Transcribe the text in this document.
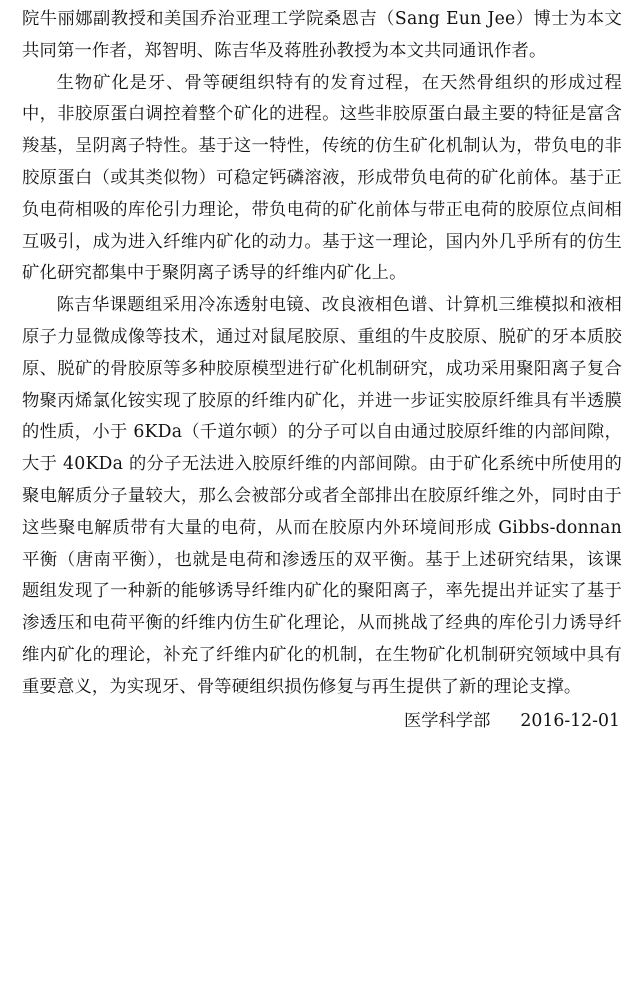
院牛丽娜副教授和美国乔治亚理工学院桑恩吉（Sang Eun Jee）博士为本文共同第一作者，郑智明、陈吉华及蒋胜孙教授为本文共同通讯作者。

生物矿化是牙、骨等硬组织特有的发育过程，在天然骨组织的形成过程中，非胶原蛋白调控着整个矿化的进程。这些非胶原蛋白最主要的特征是富含羧基，呈阴离子特性。基于这一特性，传统的仿生矿化机制认为，带负电的非胶原蛋白（或其类似物）可稳定钙磷溶液，形成带负电荷的矿化前体。基于正负电荷相吸的库伦引力理论，带负电荷的矿化前体与带正电荷的胶原位点间相互吸引，成为进入纤维内矿化的动力。基于这一理论，国内外几乎所有的仿生矿化研究都集中于聚阴离子诱导的纤维内矿化上。

陈吉华课题组采用冷冻透射电镜、改良液相色谱、计算机三维模拟和液相原子力显微成像等技术，通过对鼠尾胶原、重组的牛皮胶原、脱矿的牙本质胶原、脱矿的骨胶原等多种胶原模型进行矿化机制研究，成功采用聚阳离子复合物聚丙烯氯化铵实现了胶原的纤维内矿化，并进一步证实胶原纤维具有半透膜的性质，小于 6KDa（千道尔顿）的分子可以自由通过胶原纤维的内部间隙，大于 40KDa 的分子无法进入胶原纤维的内部间隙。由于矿化系统中所使用的聚电解质分子量较大，那么会被部分或者全部排出在胶原纤维之外，同时由于这些聚电解质带有大量的电荷，从而在胶原内外环境间形成 Gibbs-donnan 平衡（唐南平衡），也就是电荷和渗透压的双平衡。基于上述研究结果，该课题组发现了一种新的能够诱导纤维内矿化的聚阳离子，率先提出并证实了基于渗透压和电荷平衡的纤维内仿生矿化理论，从而挑战了经典的库伦引力诱导纤维内矿化的理论，补充了纤维内矿化的机制，在生物矿化机制研究领域中具有重要意义，为实现牙、骨等硬组织损伤修复与再生提供了新的理论支撑。

医学科学部 2016-12-01
